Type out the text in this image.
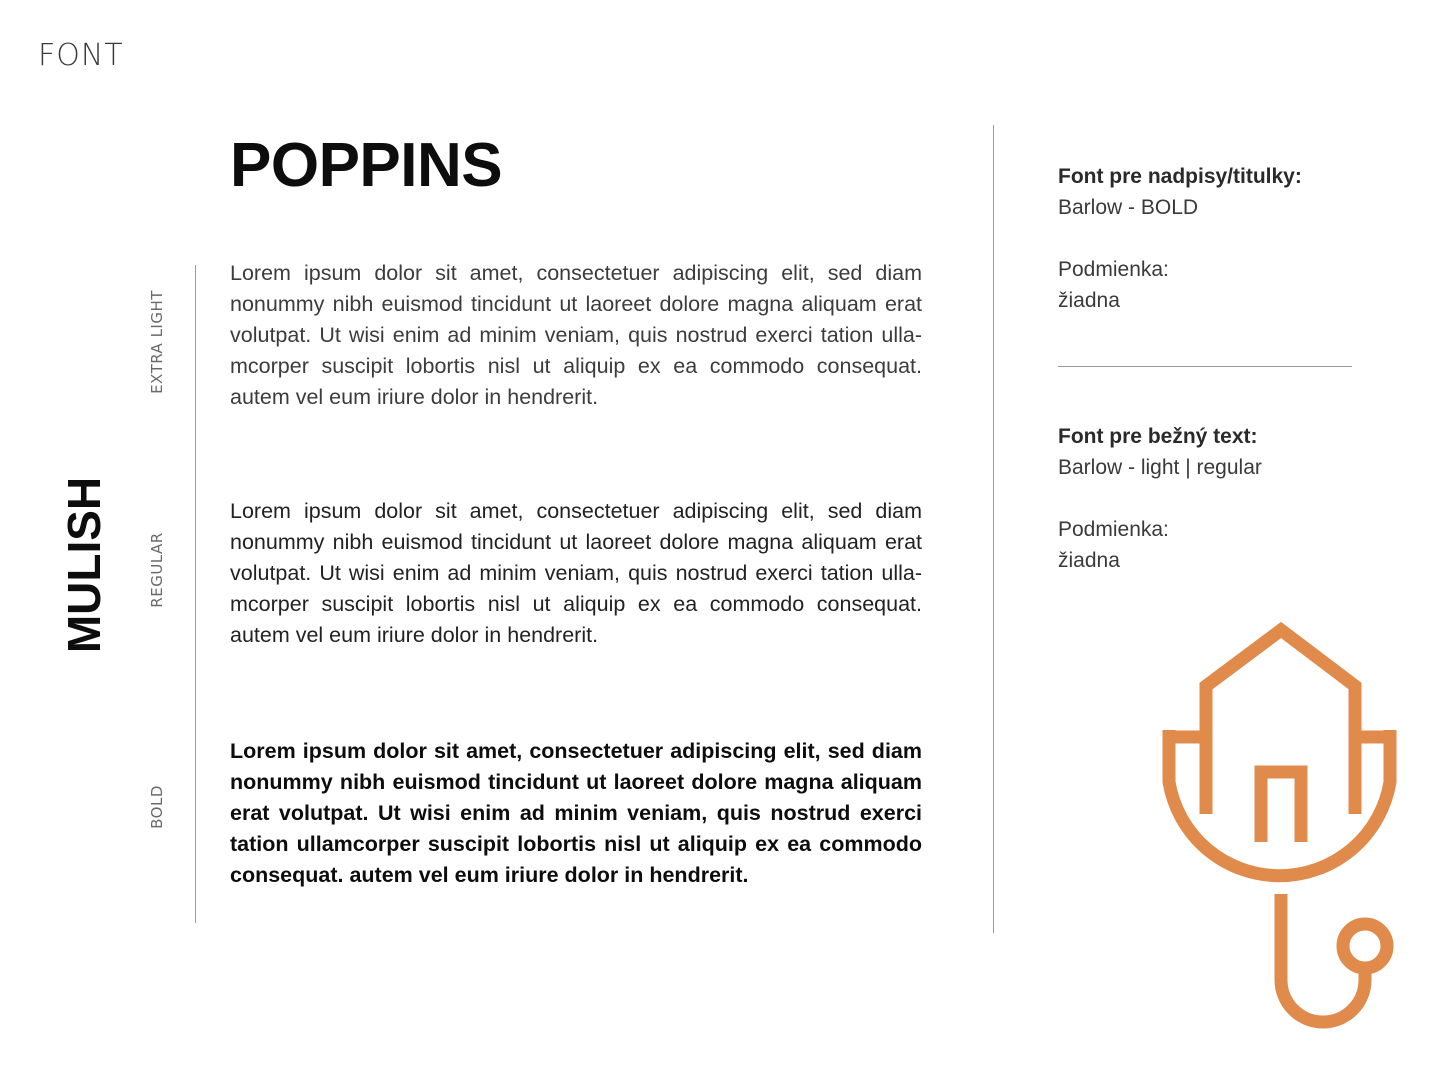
FONT
POPPINS
MULISH
EXTRA LIGHT
REGULAR
BOLD

Lorem ipsum dolor sit amet, consectetuer adipiscing elit, sed diam nonummy nibh euismod tincidunt ut laoreet dolore magna aliquam erat volutpat. Ut wisi enim ad minim veniam, quis nostrud exerci tation ulla-mcorper suscipit lobortis nisl ut aliquip ex ea commodo consequat. autem vel eum iriure dolor in hendrerit.

Lorem ipsum dolor sit amet, consectetuer adipiscing elit, sed diam nonummy nibh euismod tincidunt ut laoreet dolore magna aliquam erat volutpat. Ut wisi enim ad minim veniam, quis nostrud exerci tation ulla-mcorper suscipit lobortis nisl ut aliquip ex ea commodo consequat. autem vel eum iriure dolor in hendrerit.

Lorem ipsum dolor sit amet, consectetuer adipiscing elit, sed diam nonummy nibh euismod tincidunt ut laoreet dolore magna aliquam erat volutpat. Ut wisi enim ad minim veniam, quis nostrud exerci tation ullamcorper suscipit lobortis nisl ut aliquip ex ea commodo consequat. autem vel eum iriure dolor in hendrerit.

Font pre nadpisy/titulky:
Barlow - BOLD
Podmienka:
žiadna
Font pre bežný text:
Barlow - light | regular
Podmienka:
žiadna
